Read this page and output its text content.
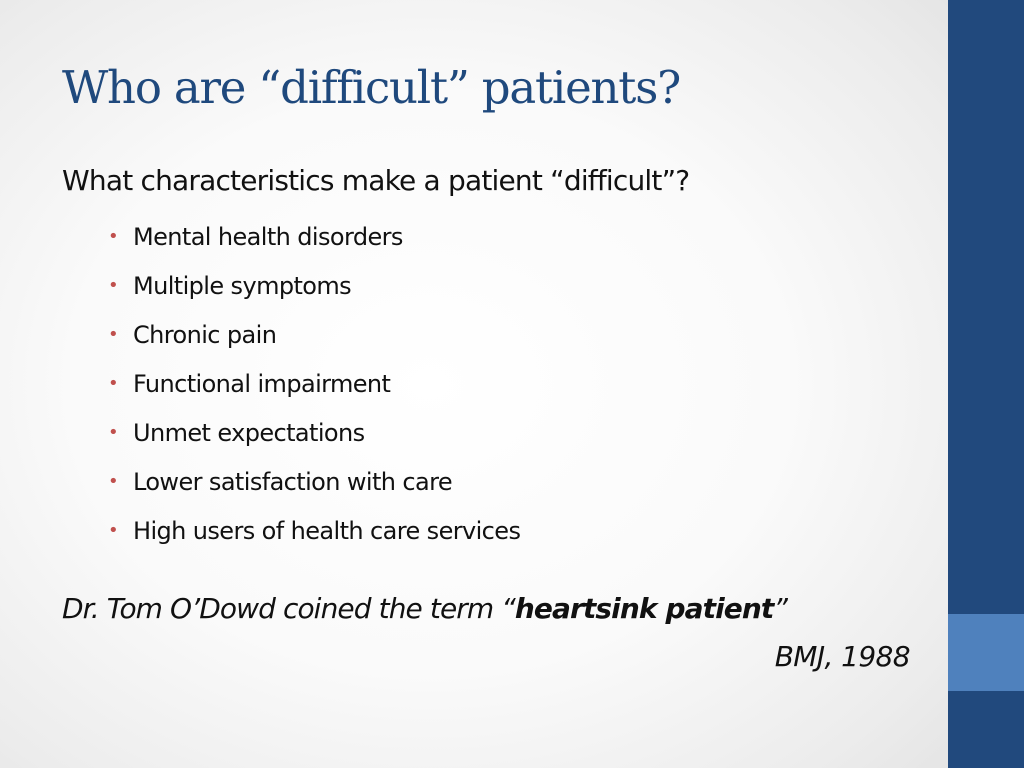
Who are “difficult” patients?

What characteristics make a patient “difficult”?

• Mental health disorders
• Multiple symptoms
• Chronic pain
• Functional impairment
• Unmet expectations
• Lower satisfaction with care
• High users of health care services

Dr. Tom O’Dowd coined the term “heartsink patient”

BMJ, 1988
